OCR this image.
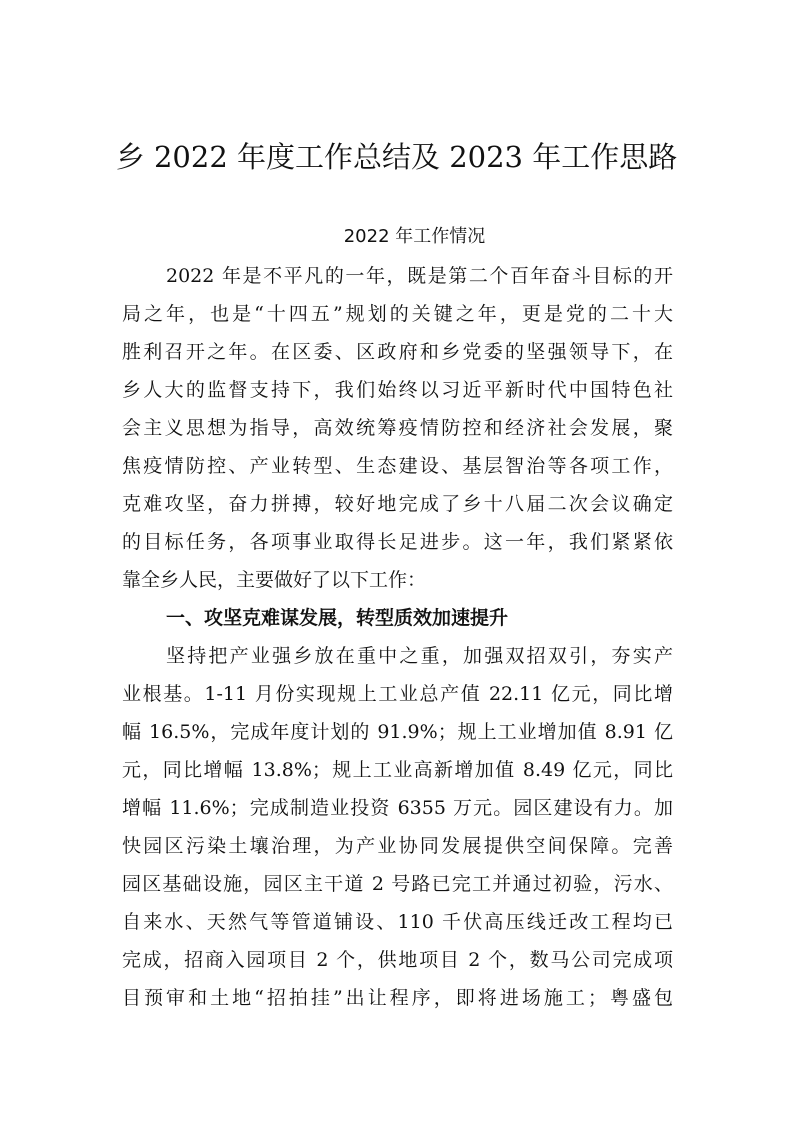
乡 2022 年度工作总结及 2023 年工作思路
2022 年工作情况
2022 年是不平凡的一年，既是第二个百年奋斗目标的开
局之年，也是“十四五”规划的关键之年，更是党的二十大
胜利召开之年。在区委、区政府和乡党委的坚强领导下，在
乡人大的监督支持下，我们始终以习近平新时代中国特色社
会主义思想为指导，高效统筹疫情防控和经济社会发展，聚
焦疫情防控、产业转型、生态建设、基层智治等各项工作，
克难攻坚，奋力拼搏，较好地完成了乡十八届二次会议确定
的目标任务，各项事业取得长足进步。这一年，我们紧紧依
靠全乡人民，主要做好了以下工作：
一、攻坚克难谋发展，转型质效加速提升
坚持把产业强乡放在重中之重，加强双招双引，夯实产
业根基。1-11 月份实现规上工业总产值 22.11 亿元，同比增
幅 16.5%，完成年度计划的 91.9%；规上工业增加值 8.91 亿
元，同比增幅 13.8%；规上工业高新增加值 8.49 亿元，同比
增幅 11.6%；完成制造业投资 6355 万元。园区建设有力。加
快园区污染土壤治理，为产业协同发展提供空间保障。完善
园区基础设施，园区主干道 2 号路已完工并通过初验，污水、
自来水、天然气等管道铺设、110 千伏高压线迁改工程均已
完成，招商入园项目 2 个，供地项目 2 个，数马公司完成项
目预审和土地“招拍挂”出让程序，即将进场施工；粤盛包
